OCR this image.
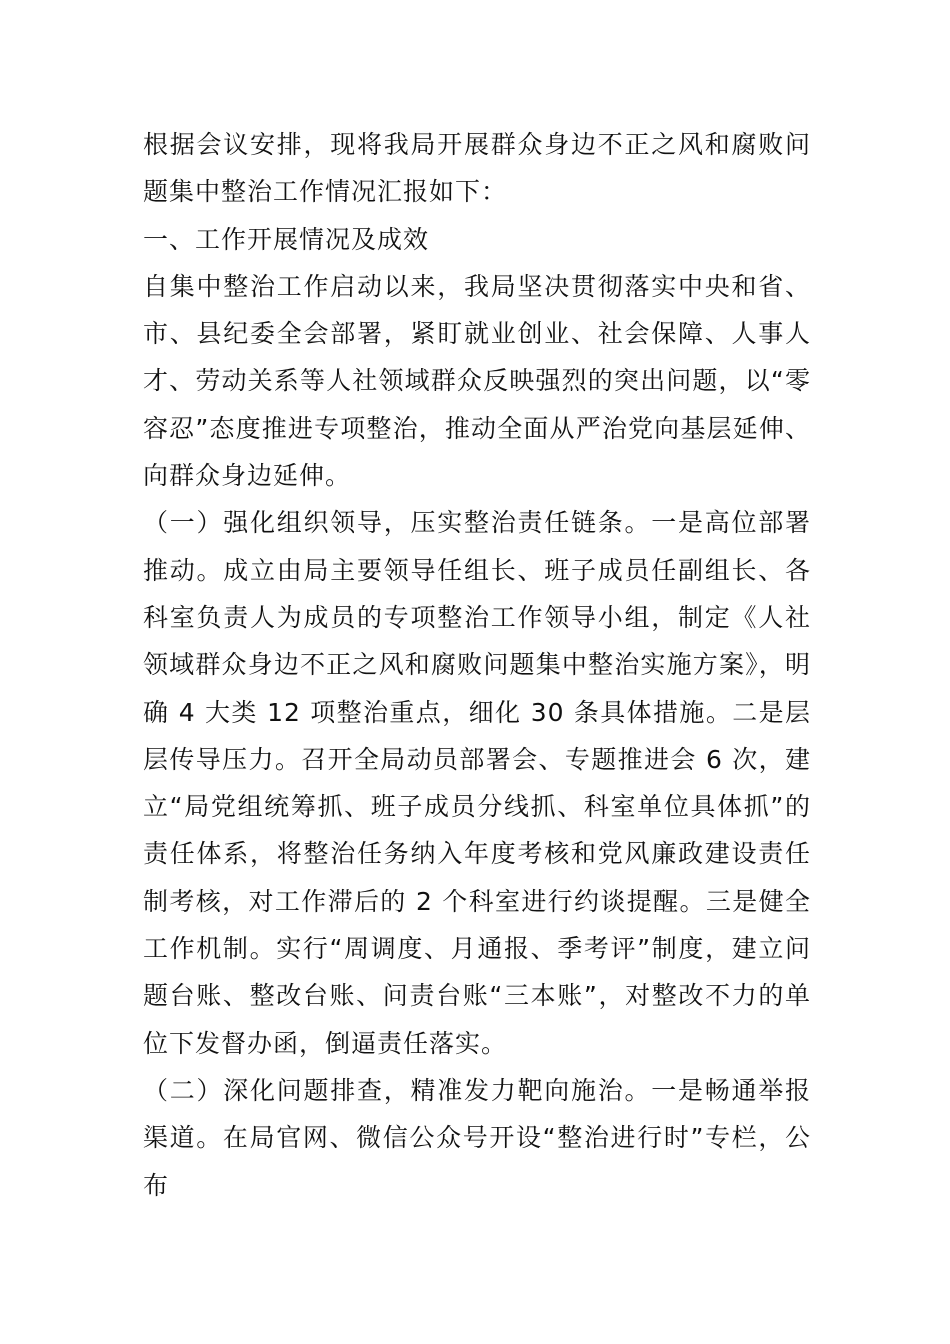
根据会议安排，现将我局开展群众身边不正之风和腐败问题集中整治工作情况汇报如下：

一、工作开展情况及成效

自集中整治工作启动以来，我局坚决贯彻落实中央和省、市、县纪委全会部署，紧盯就业创业、社会保障、人事人才、劳动关系等人社领域群众反映强烈的突出问题，以“零容忍”态度推进专项整治，推动全面从严治党向基层延伸、向群众身边延伸。

（一）强化组织领导，压实整治责任链条。一是高位部署推动。成立由局主要领导任组长、班子成员任副组长、各科室负责人为成员的专项整治工作领导小组，制定《人社领域群众身边不正之风和腐败问题集中整治实施方案》，明确 4 大类 12 项整治重点，细化 30 条具体措施。二是层层传导压力。召开全局动员部署会、专题推进会 6 次，建立“局党组统筹抓、班子成员分线抓、科室单位具体抓”的责任体系，将整治任务纳入年度考核和党风廉政建设责任制考核，对工作滞后的 2 个科室进行约谈提醒。三是健全工作机制。实行“周调度、月通报、季考评”制度，建立问题台账、整改台账、问责台账“三本账”，对整改不力的单位下发督办函，倒逼责任落实。

（二）深化问题排查，精准发力靶向施治。一是畅通举报渠道。在局官网、微信公众号开设“整治进行时”专栏，公布
